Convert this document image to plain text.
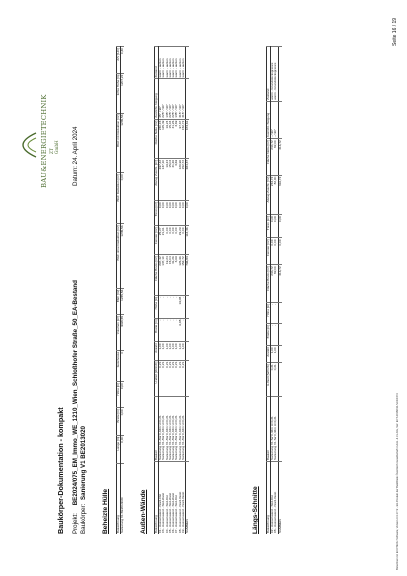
Baukörper-Dokumentation - kompakt Projekt: BE2024/075_EM_Immo_WE_1210_Wien_Schloßhofer Straße_50_EA-Bestand
Baukörper: Sanierung V1 BE2013020
Datum: 24. April 2024
BAU&ENERGIETECHNIK ZT GmbH
Beheizte Hülle Bezeichnung	Länge [m]	Breite [m]	Höhe [m]	Geschosse	Volumen [m³]	BGF [m²]	BGF ohne Reduktion [m²]	BGF Reduktion [m²]	BGF mit Reduktion [m²]	lichte Höhe [m]	A/V [1/m]
Sanierung V1 BE2013020	0,00	0,00	0,00	0	4098,55	1235,56	1235,56	0,00	1235,56	1207,22	0,30
Außen-Wände Bezeichnung	Bauteil	U-Wert [W/m²K]	Anzahl	Breite [m]	Höhe [m]	Fläche Brutto [m²]	Fenster [m²]	Türen [m²]	Abzug Zuschl. [m²]	Fläche Netto [m²]	Ausricht. Neigung	Zustand
01 - Aussenwand - Nord-Ost	Sanierung V1 AW 0,42m U=0,21	0,21	1,00	-	-	297,42	25,27	0,00	297,42	240,15	45° / 90°	warm - außen
03 - Aussenwand - Süd-West	Sanierung V1 AW 0,42m U=0,21	0,21	1,00	-	-	137,10	21,61	0,00	137,10	115,49	225° / 90°	warm - außen
04 - Aussenwand - Süd-Ost	Sanierung V1 AW 0,42m U=0,21	0,21	1,00	-	-	19,24	0,00	0,00	19,24	19,24	135° / 90°	warm - außen
05 - Aussenwand - Süd-West	Sanierung V1 AW 0,42m U=0,21	0,21	1,00	-	-	15,04	0,00	0,00	15,04	15,04	225° / 90°	warm - außen
06 - Aussenwand - Süd-West	Sanierung V1 AW 0,42m U=0,21	0,21	1,00	-	-	41,26	0,00	0,00	41,26	41,26	225° / 90°	warm - außen
07 - Aussenwand - Süd-Ost	Sanierung V1 AW 0,42m U=0,21	0,21	1,00	-	-	3,69	0,00	0,00	3,69	3,69	135° / 90°	warm - außen
08 - Aussenwand - Nord-West	Sanierung V1 AW 0,42m U=0,21	0,21	1,00	6,65	19,08	126,96	29,29	0,00	126,96	97,67	315° / 90°	warm - außen
09 - Aussenwand - Nord-West	Sanierung V1 AW 0,42m U=0,21	0,21	1,00	-	-	152,72	0,00	0,00	152,72	152,72	315° / 90°	warm - außen
SUMMEN						796,83	112,36	0,00	684,37	673,61		
Längs-Schnitte Bezeichnung	Bauteil	U-Wert [W/m²K]	Anzahl	Breite [m]	Höhe [m]	Fläche Brutto [m²]	Fenster [m²]	Türen [m²]	Abzug Zuschl. [m²]	Fläche Netto [m²]	Ausricht. Neigung	Zustand
02 - Aussenwand - Süd-Ost	Sanierung V1 IW 0,42m U=0,21	0,21	1,00	-	-	234,72	0,00	0,00	234,72	234,72	- / 90°	warm - Grundstücksgrenze
08 - Aussenwand - Nord-West	Sanierung V1 IW 0,42m U=0,21	0,21	1,00	-	-	82,00	0,00	0,00	82,00	82,00	- / 90°	warm - Grundstücksgrenze
SUMMEN						316,72	0,00	0,00	316,72	316,72		
Berechnet mit ECOTECH Software, Version 3.3.1772 - Ein Produkt der BuildDesk Österreich Gesellschaft m.b.H. & Co.KG, Ser: ECT-2016/011-NXXX474
Seite 16 / 19
